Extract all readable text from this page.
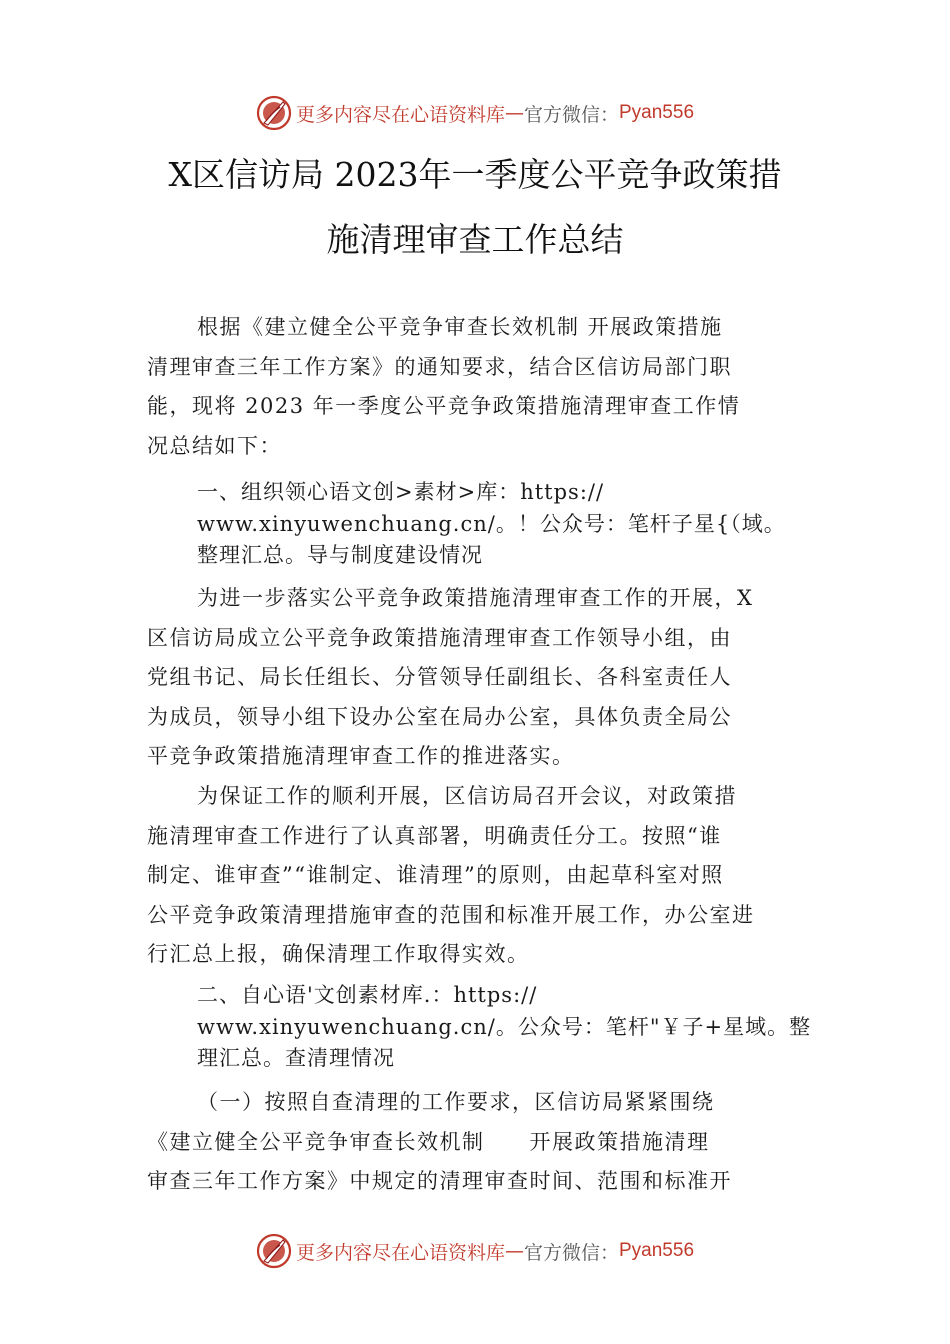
更多内容尽在心语资料库 — 官方微信： Pyan556
X区信访局 2023年一季度公平竞争政策措
施清理审查工作总结
根据《建立健全公平竞争审查长效机制 开展政策措施
清理审查三年工作方案》的通知要求，结合区信访局部门职
能，现将 2023 年一季度公平竞争政策措施清理审查工作情
况总结如下：
一、组织领心语文创>素材>库：https://
www.xinyuwenchuang.cn/。！公众号：笔杆子星{（域。
整理汇总。导与制度建设情况
为进一步落实公平竞争政策措施清理审查工作的开展，X
区信访局成立公平竞争政策措施清理审查工作领导小组，由
党组书记、局长任组长、分管领导任副组长、各科室责任人
为成员，领导小组下设办公室在局办公室，具体负责全局公
平竞争政策措施清理审查工作的推进落实。
为保证工作的顺利开展，区信访局召开会议，对政策措
施清理审查工作进行了认真部署，明确责任分工。按照“谁
制定、谁审查”“谁制定、谁清理”的原则，由起草科室对照
公平竞争政策清理措施审查的范围和标准开展工作，办公室进
行汇总上报，确保清理工作取得实效。
二、自心语'文创素材库.：https://
www.xinyuwenchuang.cn/。公众号：笔杆"￥子+星域。整
理汇总。查清理情况
（一）按照自查清理的工作要求，区信访局紧紧围绕
《建立健全公平竞争审查长效机制　　开展政策措施清理
审查三年工作方案》中规定的清理审查时间、范围和标准开
更多内容尽在心语资料库 — 官方微信： Pyan556
